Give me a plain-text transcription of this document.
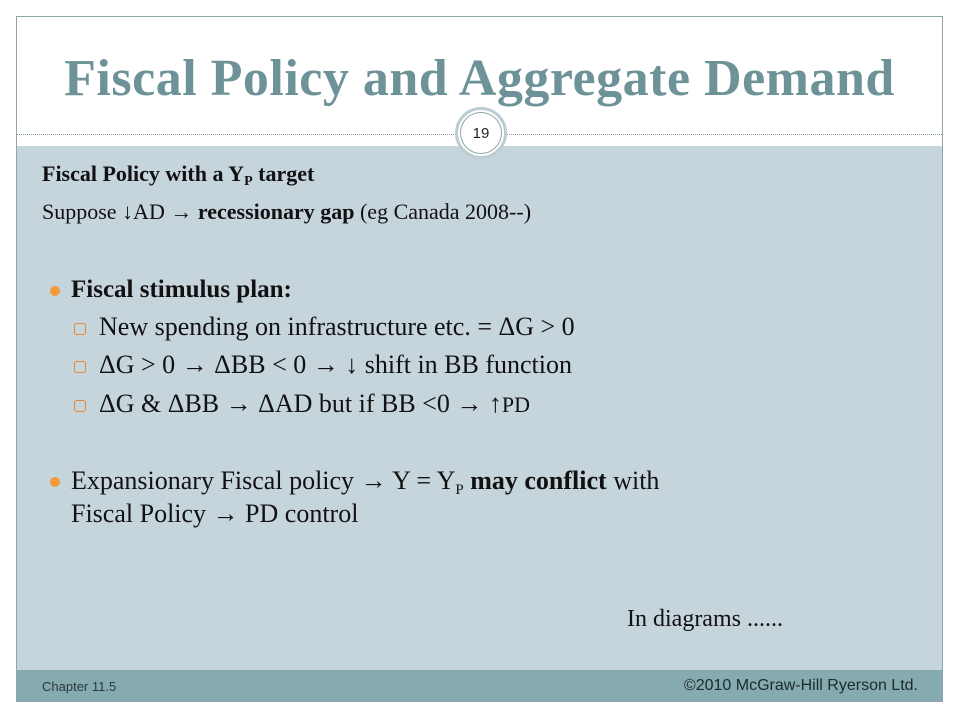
Fiscal Policy and Aggregate Demand
19
Fiscal Policy with a YP target
Suppose ↓AD → recessionary gap (eg Canada 2008--)
Fiscal stimulus plan:
New spending on infrastructure etc. = ΔG > 0
ΔG > 0 → ΔBB < 0 → ↓ shift in BB function
ΔG & ΔBB → ΔAD but if BB <0 → ↑PD
Expansionary Fiscal policy → Y = YP may conflict with
Fiscal Policy → PD control
In diagrams ......
Chapter 11.5	©2010 McGraw-Hill Ryerson Ltd.
